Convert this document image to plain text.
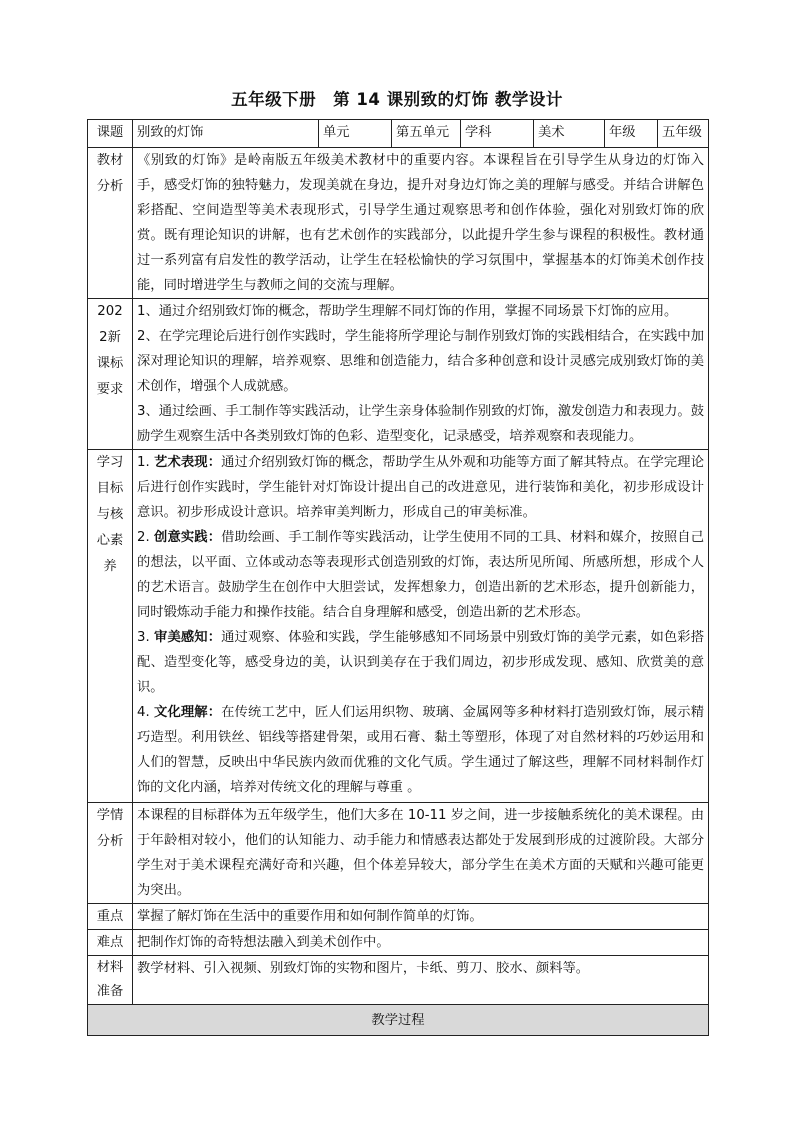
五年级下册　第 14 课别致的灯饰 教学设计
课题	别致的灯饰	单元	第五单元	学科	美术	年级	五年级

教材分析	《别致的灯饰》是岭南版五年级美术教材中的重要内容。本课程旨在引导学生从身边的灯饰入手，感受灯饰的独特魅力，发现美就在身边，提升对身边灯饰之美的理解与感受。并结合讲解色彩搭配、空间造型等美术表现形式，引导学生通过观察思考和创作体验，强化对别致灯饰的欣赏。既有理论知识的讲解，也有艺术创作的实践部分，以此提升学生参与课程的积极性。教材通过一系列富有启发性的教学活动，让学生在轻松愉快的学习氛围中，掌握基本的灯饰美术创作技能，同时增进学生与教师之间的交流与理解。						

2022新课标要求	1、通过介绍别致灯饰的概念，帮助学生理解不同灯饰的作用，掌握不同场景下灯饰的应用。

2、在学完理论后进行创作实践时，学生能将所学理论与制作别致灯饰的实践相结合，在实践中加深对理论知识的理解，培养观察、思维和创造能力，结合多种创意和设计灵感完成别致灯饰的美术创作，增强个人成就感。

3、通过绘画、手工制作等实践活动，让学生亲身体验制作别致的灯饰，激发创造力和表现力。鼓励学生观察生活中各类别致灯饰的色彩、造型变化，记录感受，培养观察和表现能力。						

学习目标与核心素养	1. 艺术表现：通过介绍别致灯饰的概念，帮助学生从外观和功能等方面了解其特点。在学完理论后进行创作实践时，学生能针对灯饰设计提出自己的改进意见，进行装饰和美化，初步形成设计意识。初步形成设计意识。培养审美判断力，形成自己的审美标准。

2. 创意实践：借助绘画、手工制作等实践活动，让学生使用不同的工具、材料和媒介，按照自己的想法，以平面、立体或动态等表现形式创造别致的灯饰，表达所见所闻、所感所想，形成个人的艺术语言。鼓励学生在创作中大胆尝试，发挥想象力，创造出新的艺术形态，提升创新能力，同时锻炼动手能力和操作技能。结合自身理解和感受，创造出新的艺术形态。

3. 审美感知：通过观察、体验和实践，学生能够感知不同场景中别致灯饰的美学元素，如色彩搭配、造型变化等，感受身边的美，认识到美存在于我们周边，初步形成发现、感知、欣赏美的意识。

4. 文化理解：在传统工艺中，匠人们运用织物、玻璃、金属网等多种材料打造别致灯饰，展示精巧造型。利用铁丝、铝线等搭建骨架，或用石膏、黏土等塑形，体现了对自然材料的巧妙运用和人们的智慧，反映出中华民族内敛而优雅的文化气质。学生通过了解这些，理解不同材料制作灯饰的文化内涵，培养对传统文化的理解与尊重 。						

学情分析	本课程的目标群体为五年级学生，他们大多在 10-11 岁之间，进一步接触系统化的美术课程。由于年龄相对较小，他们的认知能力、动手能力和情感表达都处于发展到形成的过渡阶段。大部分学生对于美术课程充满好奇和兴趣，但个体差异较大，部分学生在美术方面的天赋和兴趣可能更为突出。						
重点	掌握了解灯饰在生活中的重要作用和如何制作简单的灯饰。						
难点	把制作灯饰的奇特想法融入到美术创作中。						

材料准备	教学材料、引入视频、别致灯饰的实物和图片，卡纸、剪刀、胶水、颜料等。						
教学过程							
